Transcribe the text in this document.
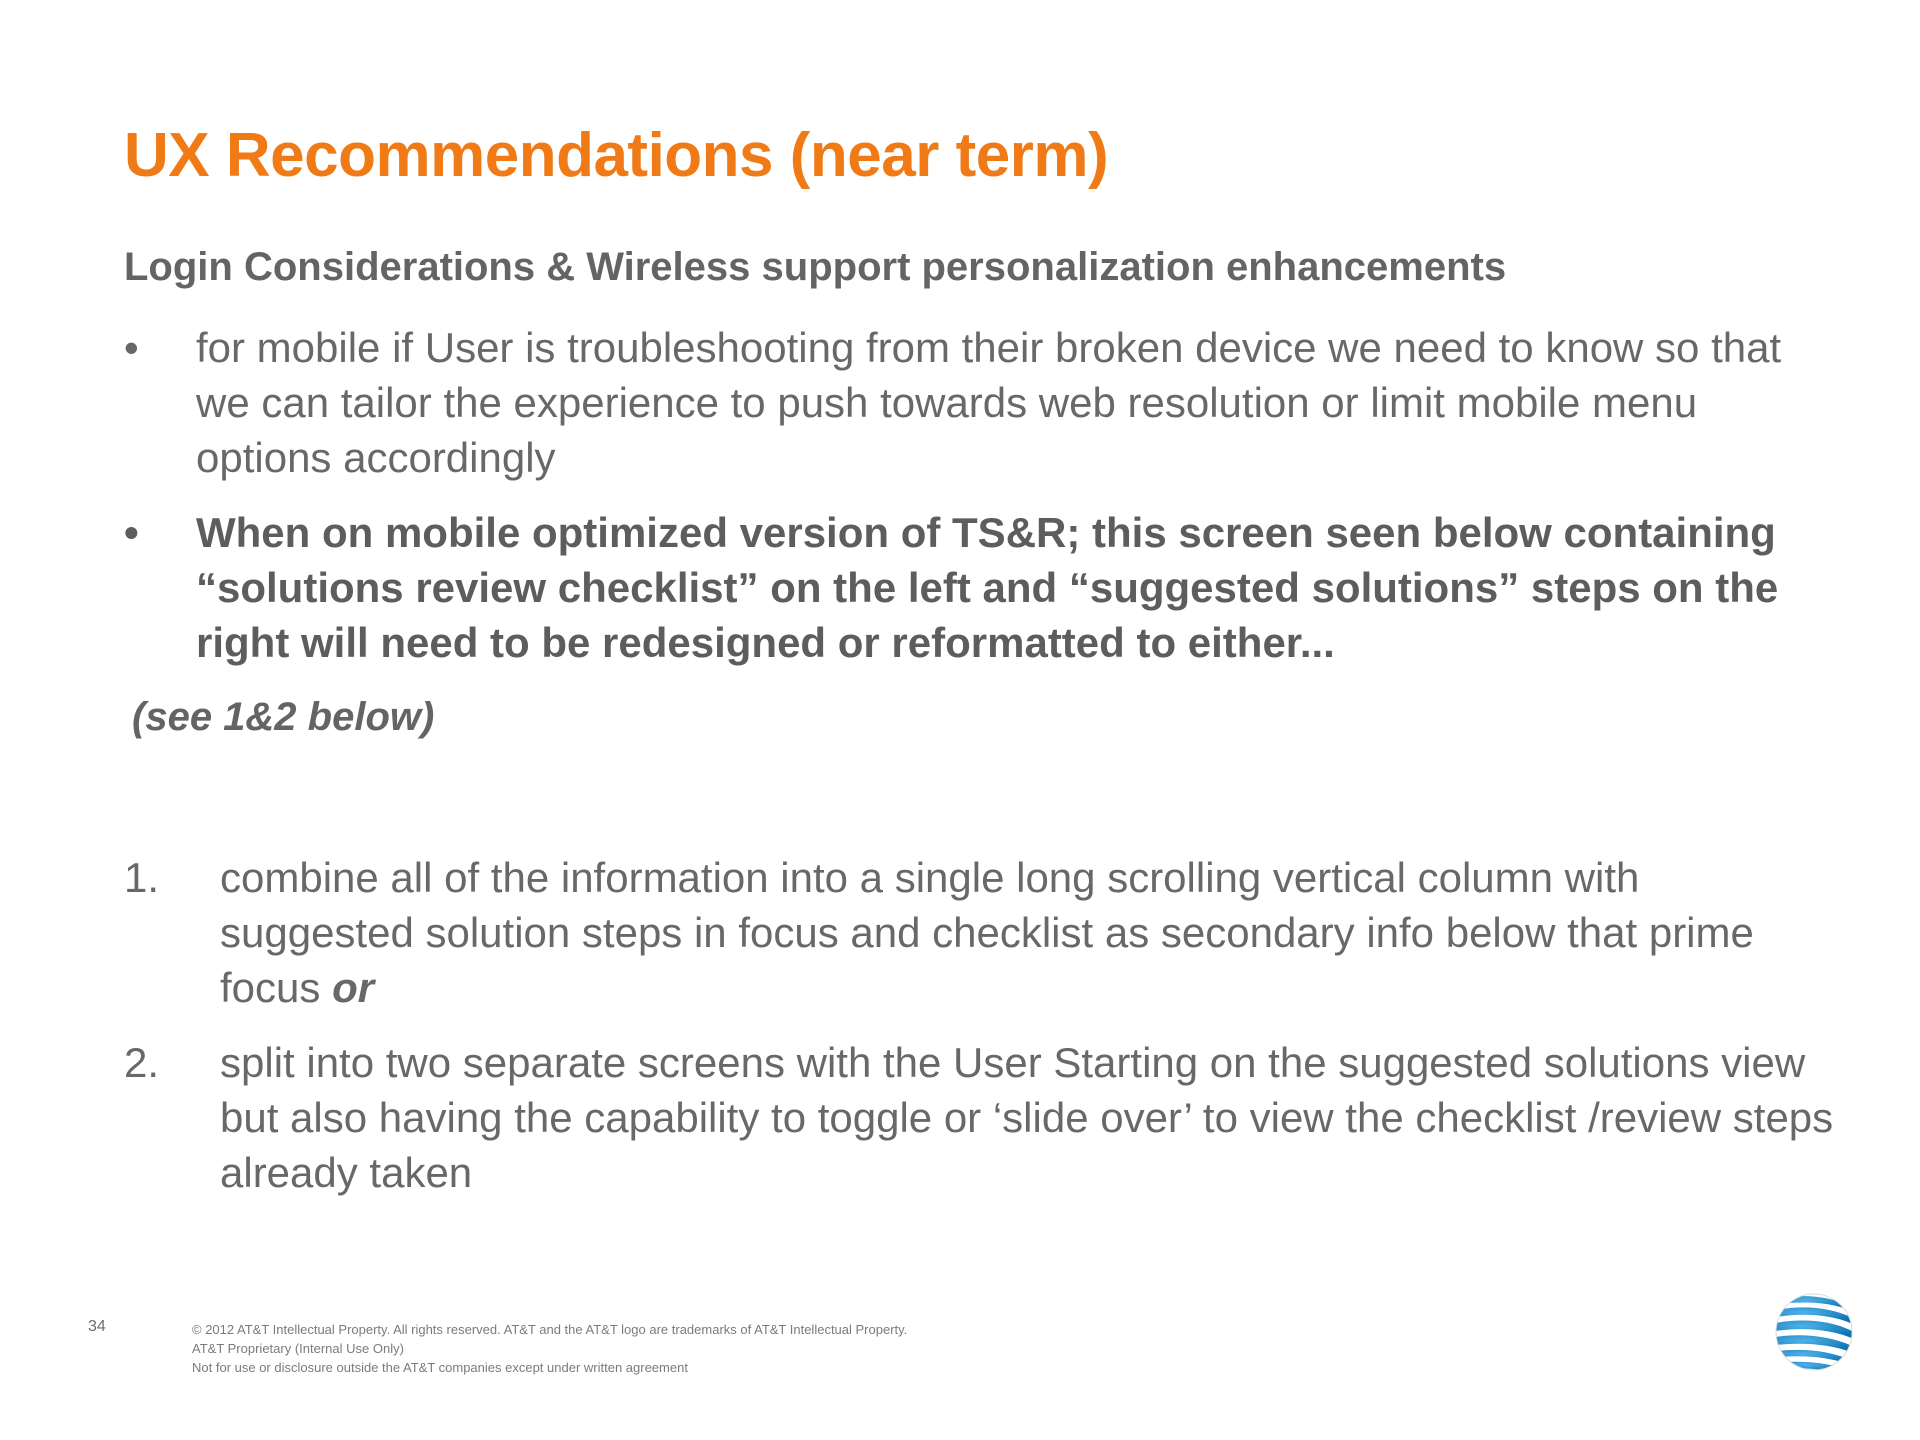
UX Recommendations (near term)
Login Considerations & Wireless support personalization enhancements
•	for mobile if User is troubleshooting from their broken device we need to know so that we can tailor the experience to push towards web resolution or limit mobile menu options accordingly
•	When on mobile optimized version of TS&R; this screen seen below containing “solutions review checklist” on the left and “suggested solutions” steps on the right will need to be redesigned or reformatted to either...
(see 1&2 below)
1.	combine all of the information into a single long scrolling vertical column with suggested solution steps in focus and checklist as secondary info below that prime focus or
2.	split into two separate screens with the User Starting on the suggested solutions view but also having the capability to toggle or ‘slide over’ to view the checklist /review steps already taken
34	© 2012 AT&T Intellectual Property. All rights reserved. AT&T and the AT&T logo are trademarks of AT&T Intellectual Property.
AT&T Proprietary (Internal Use Only)
Not for use or disclosure outside the AT&T companies except under written agreement
